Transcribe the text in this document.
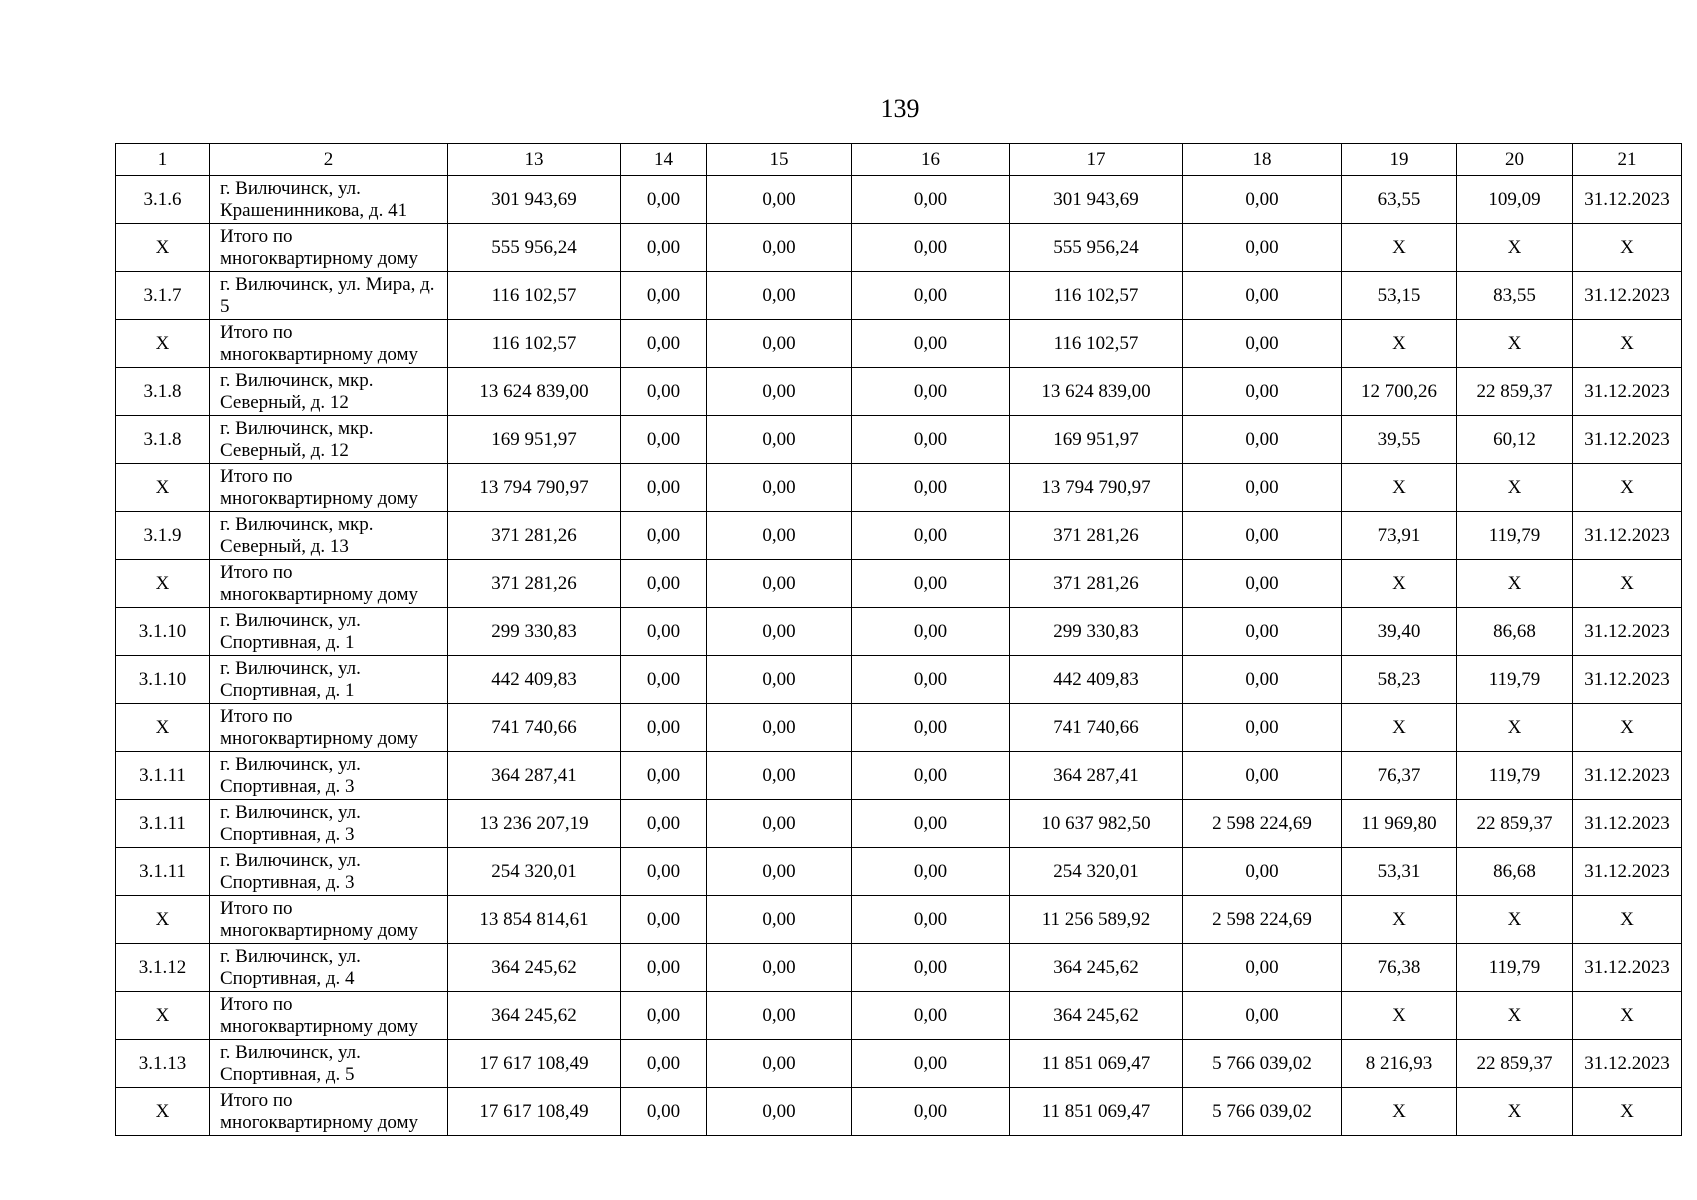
139
1	2	13	14	15	16	17	18	19	20	21
3.1.6	г. Вилючинск, ул. Крашенинникова, д. 41	301 943,69	0,00	0,00	0,00	301 943,69	0,00	63,55	109,09	31.12.2023
X	Итого по многоквартирному дому	555 956,24	0,00	0,00	0,00	555 956,24	0,00	X	X	X
3.1.7	г. Вилючинск, ул. Мира, д. 5	116 102,57	0,00	0,00	0,00	116 102,57	0,00	53,15	83,55	31.12.2023
X	Итого по многоквартирному дому	116 102,57	0,00	0,00	0,00	116 102,57	0,00	X	X	X
3.1.8	г. Вилючинск, мкр. Северный, д. 12	13 624 839,00	0,00	0,00	0,00	13 624 839,00	0,00	12 700,26	22 859,37	31.12.2023
3.1.8	г. Вилючинск, мкр. Северный, д. 12	169 951,97	0,00	0,00	0,00	169 951,97	0,00	39,55	60,12	31.12.2023
X	Итого по многоквартирному дому	13 794 790,97	0,00	0,00	0,00	13 794 790,97	0,00	X	X	X
3.1.9	г. Вилючинск, мкр. Северный, д. 13	371 281,26	0,00	0,00	0,00	371 281,26	0,00	73,91	119,79	31.12.2023
X	Итого по многоквартирному дому	371 281,26	0,00	0,00	0,00	371 281,26	0,00	X	X	X
3.1.10	г. Вилючинск, ул. Спортивная, д. 1	299 330,83	0,00	0,00	0,00	299 330,83	0,00	39,40	86,68	31.12.2023
3.1.10	г. Вилючинск, ул. Спортивная, д. 1	442 409,83	0,00	0,00	0,00	442 409,83	0,00	58,23	119,79	31.12.2023
X	Итого по многоквартирному дому	741 740,66	0,00	0,00	0,00	741 740,66	0,00	X	X	X
3.1.11	г. Вилючинск, ул. Спортивная, д. 3	364 287,41	0,00	0,00	0,00	364 287,41	0,00	76,37	119,79	31.12.2023
3.1.11	г. Вилючинск, ул. Спортивная, д. 3	13 236 207,19	0,00	0,00	0,00	10 637 982,50	2 598 224,69	11 969,80	22 859,37	31.12.2023
3.1.11	г. Вилючинск, ул. Спортивная, д. 3	254 320,01	0,00	0,00	0,00	254 320,01	0,00	53,31	86,68	31.12.2023
X	Итого по многоквартирному дому	13 854 814,61	0,00	0,00	0,00	11 256 589,92	2 598 224,69	X	X	X
3.1.12	г. Вилючинск, ул. Спортивная, д. 4	364 245,62	0,00	0,00	0,00	364 245,62	0,00	76,38	119,79	31.12.2023
X	Итого по многоквартирному дому	364 245,62	0,00	0,00	0,00	364 245,62	0,00	X	X	X
3.1.13	г. Вилючинск, ул. Спортивная, д. 5	17 617 108,49	0,00	0,00	0,00	11 851 069,47	5 766 039,02	8 216,93	22 859,37	31.12.2023
X	Итого по многоквартирному дому	17 617 108,49	0,00	0,00	0,00	11 851 069,47	5 766 039,02	X	X	X
